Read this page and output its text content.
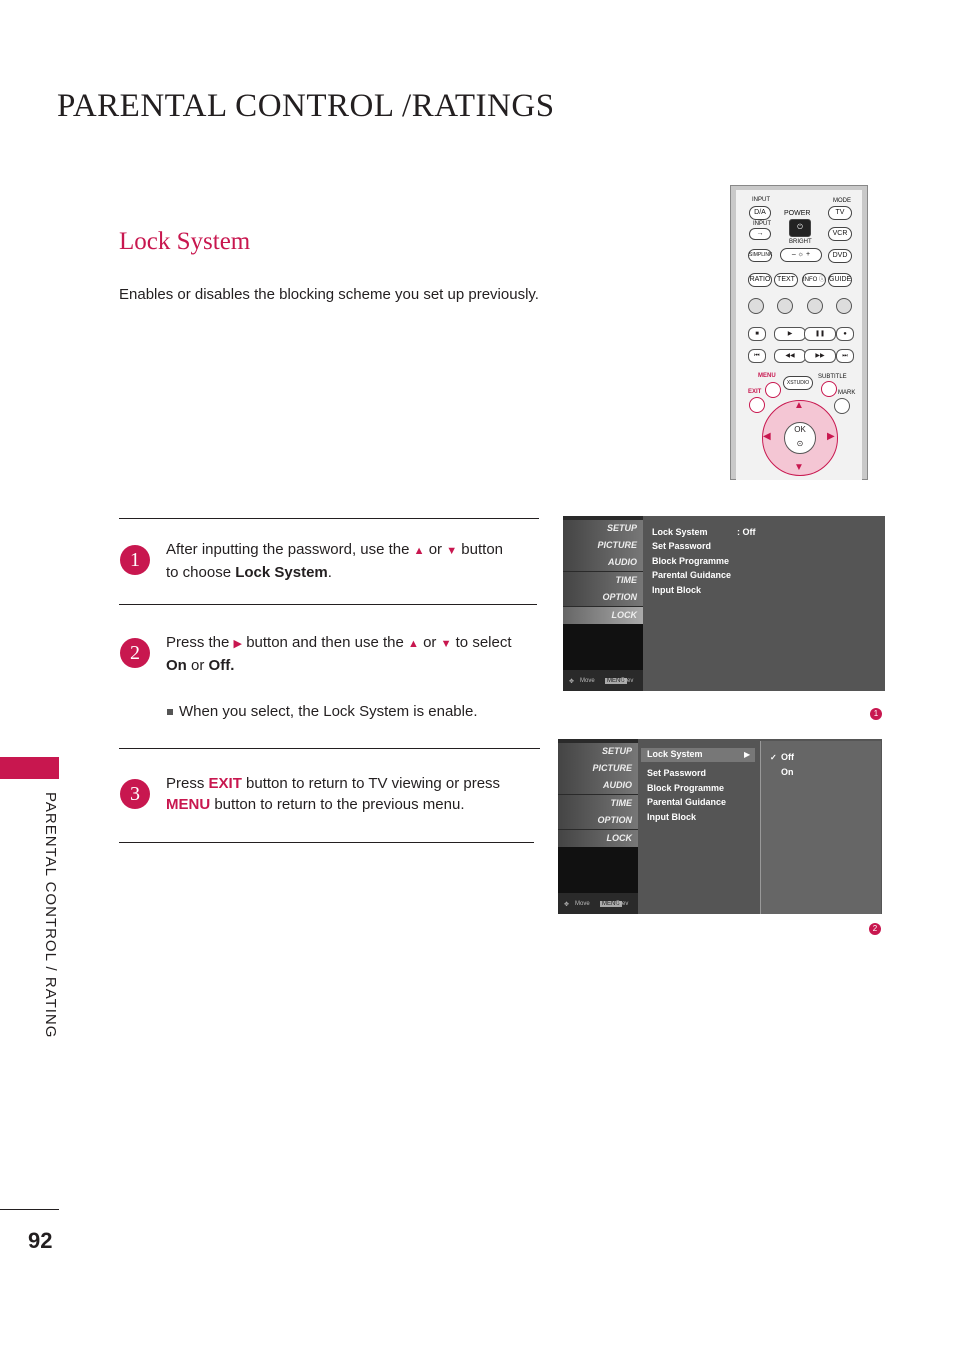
PARENTAL CONTROL /RATINGS
Lock System
Enables or disables the blocking scheme you set up previously.
PARENTAL CONTROL / RATING
92
INPUT	MODE
D/A	POWER
⏻
TV
INPUT
→	VCR
BRIGHT
SIMPLINK	– ☼ +	DVD
RATIO TEXT	INFO ⓘ GUIDE
■	▶	❚❚	●
⏮	◀◀	▶▶	⏭
MENU	SUBTITLE
XSTUDIO
EXIT	MARK
OK
⊙
▲
▼
◀	▶
1	After inputting the password, use the ▲ or ▼ button
to choose Lock System.
2	Press the ▶ button and then use the ▲ or ▼ to select
On or Off.
When you select, the Lock System is enable.
3	Press EXIT button to return to TV viewing or press
MENU button to return to the previous menu.
SETUP
PICTURE
AUDIO
TIME
OPTION
LOCK
✥ Move	MENU
Prev
Lock System	: Off
Set Password
Block Programme
Parental Guidance
Input Block
1
SETUP
PICTURE
AUDIO
TIME
OPTION
LOCK
✥ Move	MENU
Prev
Lock System	▶
Set Password
Block Programme
Parental Guidance
Input Block
✓ Off
On
2
